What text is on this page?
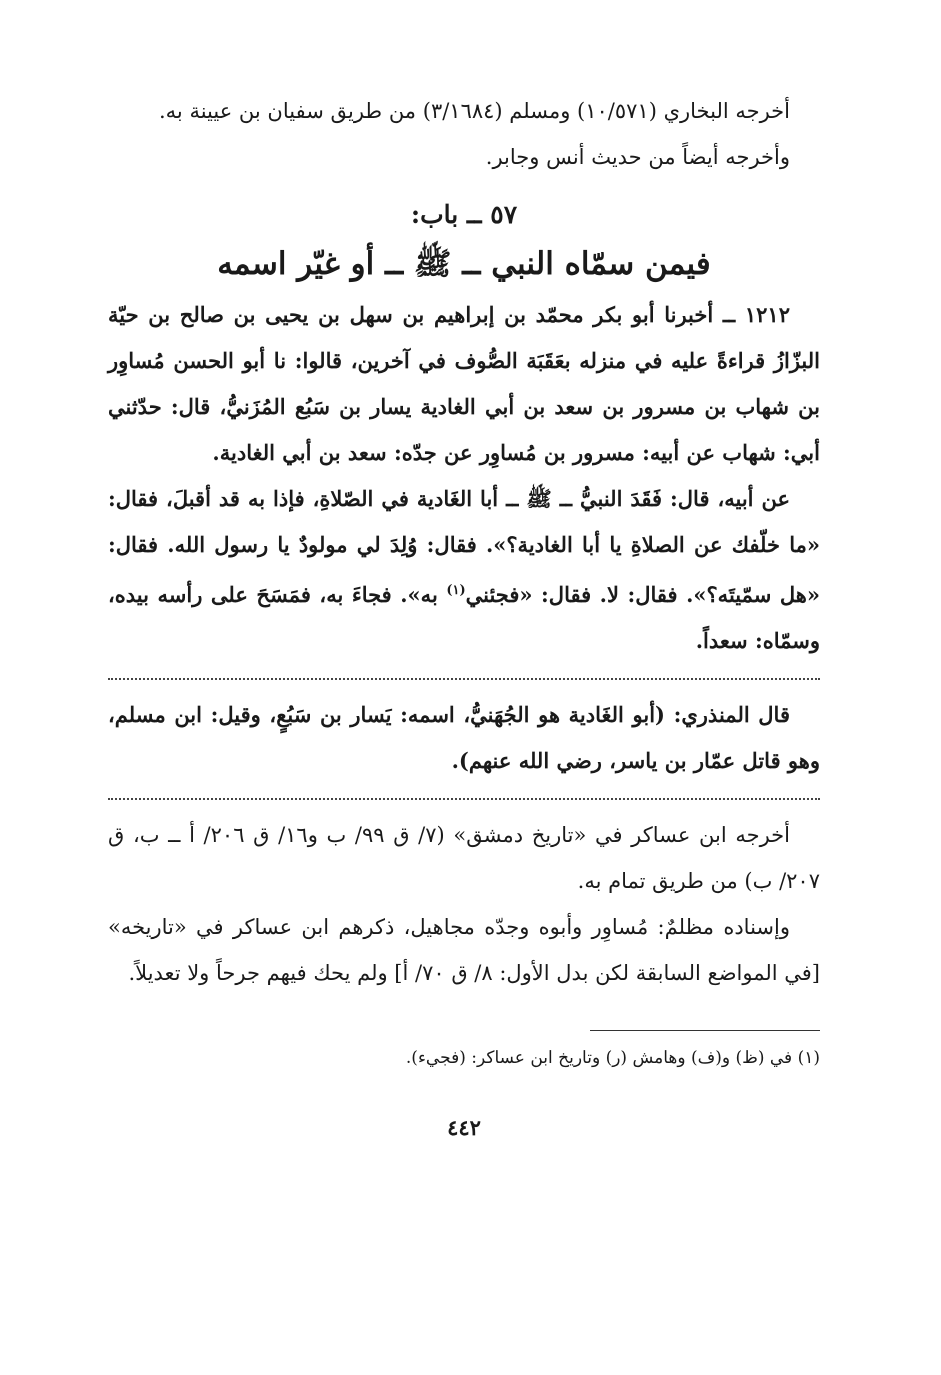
أخرجه البخاري (١٠/٥٧١) ومسلم (٣/١٦٨٤) من طريق سفيان بن عيينة به.

وأخرجه أيضاً من حديث أنس وجابر.

٥٧ ــ باب:
فيمن سمّاه النبي ــ ﷺ ــ أو غيّر اسمه

١٢١٢ ــ أخبرنا أبو بكر محمّد بن إبراهيم بن سهل بن يحيى بن صالح بن حيّة البزّازُ قراءةً عليه في منزله بعَقَبَة الصُّوف في آخرين، قالوا: نا أبو الحسن مُساوِر بن شهاب بن مسرور بن سعد بن أبي الغادية يسار بن سَبُع المُزَنيُّ، قال: حدّثني أبي: شهاب عن أبيه: مسرور بن مُساوِر عن جدّه: سعد بن أبي الغادية.

عن أبيه، قال: فَقَدَ النبيُّ ــ ﷺ ــ أبا الغَادية في الصّلاةِ، فإذا به قد أقبلَ، فقال: «ما خلّفك عن الصلاةِ يا أبا الغادية؟». فقال: وُلِدَ لي مولودٌ يا رسول الله. فقال: «هل سمّيتَه؟». فقال: لا. فقال: «فجئني$^{(١)}$ به». فجاءَ به، فمَسَحَ على رأسه بيده، وسمّاه: سعداً.

قال المنذري: (أبو الغَادية هو الجُهَنيُّ، اسمه: يَسار بن سَبُعٍ، وقيل: ابن مسلم، وهو قاتل عمّار بن ياسر، رضي الله عنهم).

أخرجه ابن عساكر في «تاريخ دمشق» (٧/ ق ٩٩/ ب و١٦/ ق ٢٠٦/ أ ــ ب، ق ٢٠٧/ ب) من طريق تمام به.

وإسناده مظلمٌ: مُساوِر وأبوه وجدّه مجاهيل، ذكرهم ابن عساكر في «تاريخه» [في المواضع السابقة لكن بدل الأول: ٨/ ق ٧٠/ أ] ولم يحك فيهم جرحاً ولا تعديلاً.

(١) في (ظ) و(ف) وهامش (ر) وتاريخ ابن عساكر: (فجيء).

٤٤٢
